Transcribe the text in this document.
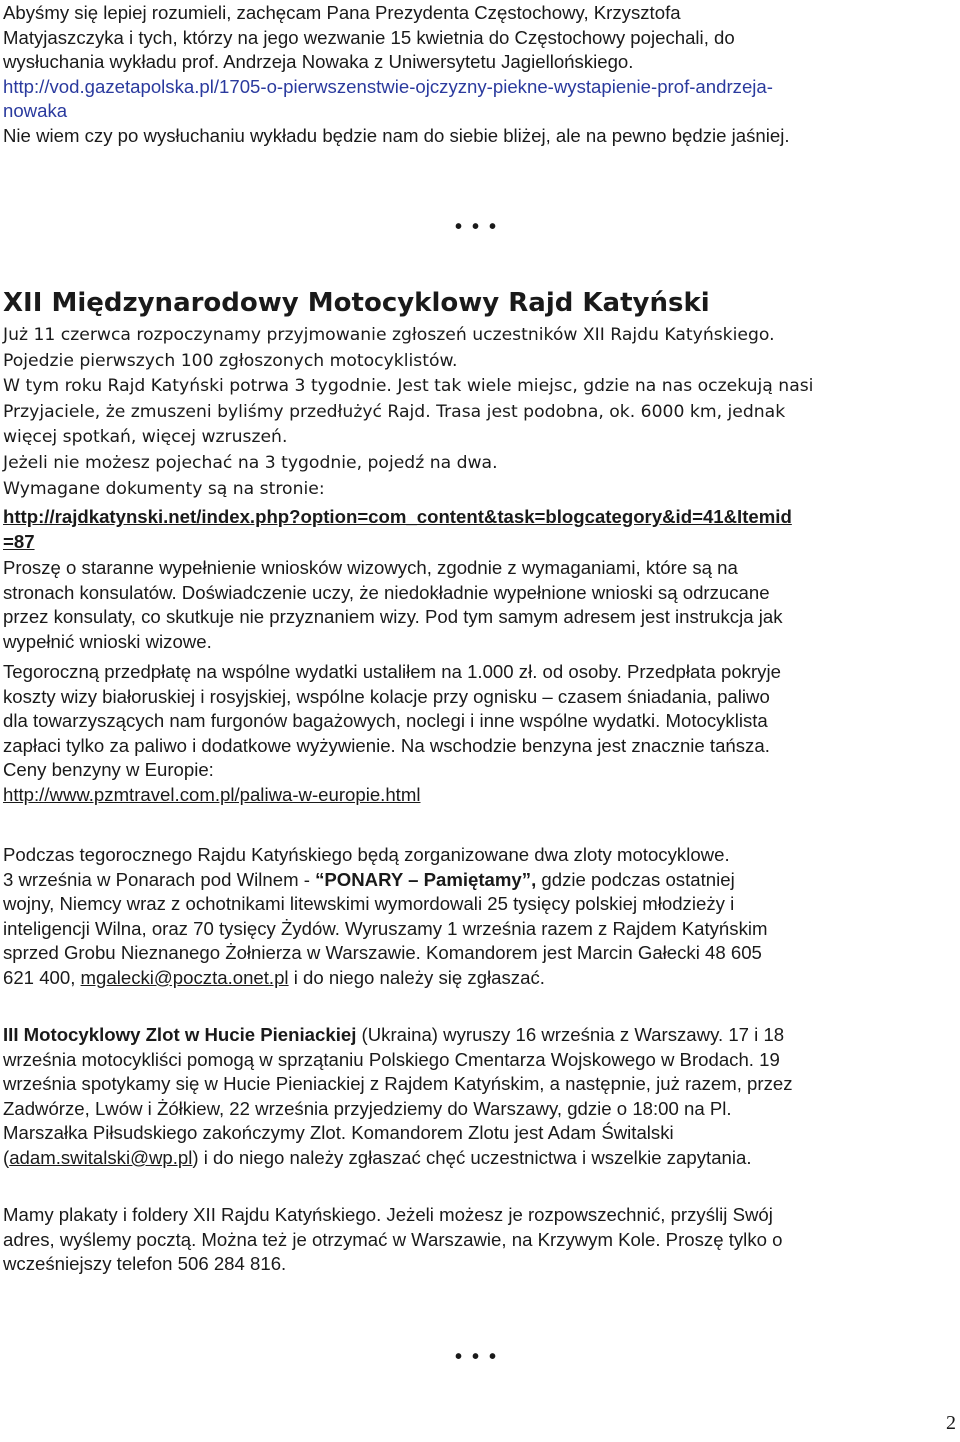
Abyśmy się lepiej rozumieli, zachęcam Pana Prezydenta Częstochowy, Krzysztofa

Matyjaszczyka i tych, którzy na jego wezwanie 15 kwietnia do Częstochowy pojechali, do

wysłuchania wykładu prof. Andrzeja Nowaka z Uniwersytetu Jagiellońskiego.

http://vod.gazetapolska.pl/1705-o-pierwszenstwie-ojczyzny-piekne-wystapienie-prof-andrzeja-

nowaka

Nie wiem czy po wysłuchaniu wykładu będzie nam do siebie bliżej, ale na pewno będzie jaśniej.

•••
XII Międzynarodowy Motocyklowy Rajd Katyński

Już 11 czerwca rozpoczynamy przyjmowanie zgłoszeń uczestników XII Rajdu Katyńskiego.

Pojedzie pierwszych 100 zgłoszonych motocyklistów.

W tym roku Rajd Katyński potrwa 3 tygodnie. Jest tak wiele miejsc, gdzie na nas oczekują nasi

Przyjaciele, że zmuszeni byliśmy przedłużyć Rajd. Trasa jest podobna, ok. 6000 km, jednak

więcej spotkań, więcej wzruszeń.

Jeżeli nie możesz pojechać na 3 tygodnie, pojedź na dwa.

Wymagane dokumenty są na stronie:

http://rajdkatynski.net/index.php?option=com_content&task=blogcategory&id=41&Itemid

=87

Proszę o staranne wypełnienie wniosków wizowych, zgodnie z wymaganiami, które są na

stronach konsulatów. Doświadczenie uczy, że niedokładnie wypełnione wnioski są odrzucane

przez konsulaty, co skutkuje nie przyznaniem wizy. Pod tym samym adresem jest instrukcja jak

wypełnić wnioski wizowe.

Tegoroczną przedpłatę na wspólne wydatki ustaliłem na 1.000 zł. od osoby. Przedpłata pokryje

koszty wizy białoruskiej i rosyjskiej, wspólne kolacje przy ognisku – czasem śniadania, paliwo

dla towarzyszących nam furgonów bagażowych, noclegi i inne wspólne wydatki. Motocyklista

zapłaci tylko za paliwo i dodatkowe wyżywienie. Na wschodzie benzyna jest znacznie tańsza.

Ceny benzyny w Europie:

http://www.pzmtravel.com.pl/paliwa-w-europie.html

Podczas tegorocznego Rajdu Katyńskiego będą zorganizowane dwa zloty motocyklowe.

3 września w Ponarach pod Wilnem - “PONARY – Pamiętamy”, gdzie podczas ostatniej

wojny, Niemcy wraz z ochotnikami litewskimi wymordowali 25 tysięcy polskiej młodzieży i

inteligencji Wilna, oraz 70 tysięcy Żydów. Wyruszamy 1 września razem z Rajdem Katyńskim

sprzed Grobu Nieznanego Żołnierza w Warszawie. Komandorem jest Marcin Gałecki 48 605

621 400, mgalecki@poczta.onet.pl i do niego należy się zgłaszać.

III Motocyklowy Zlot w Hucie Pieniackiej (Ukraina) wyruszy 16 września z Warszawy. 17 i 18

września motocykliści pomogą w sprzątaniu Polskiego Cmentarza Wojskowego w Brodach. 19

września spotykamy się w Hucie Pieniackiej z Rajdem Katyńskim, a następnie, już razem, przez

Zadwórze, Lwów i Żółkiew, 22 września przyjedziemy do Warszawy, gdzie o 18:00 na Pl.

Marszałka Piłsudskiego zakończymy Zlot. Komandorem Zlotu jest Adam Świtalski

(adam.switalski@wp.pl) i do niego należy zgłaszać chęć uczestnictwa i wszelkie zapytania.

Mamy plakaty i foldery XII Rajdu Katyńskiego. Jeżeli możesz je rozpowszechnić, przyślij Swój

adres, wyślemy pocztą. Można też je otrzymać w Warszawie, na Krzywym Kole. Proszę tylko o

wcześniejszy telefon 506 284 816.

•••
2
